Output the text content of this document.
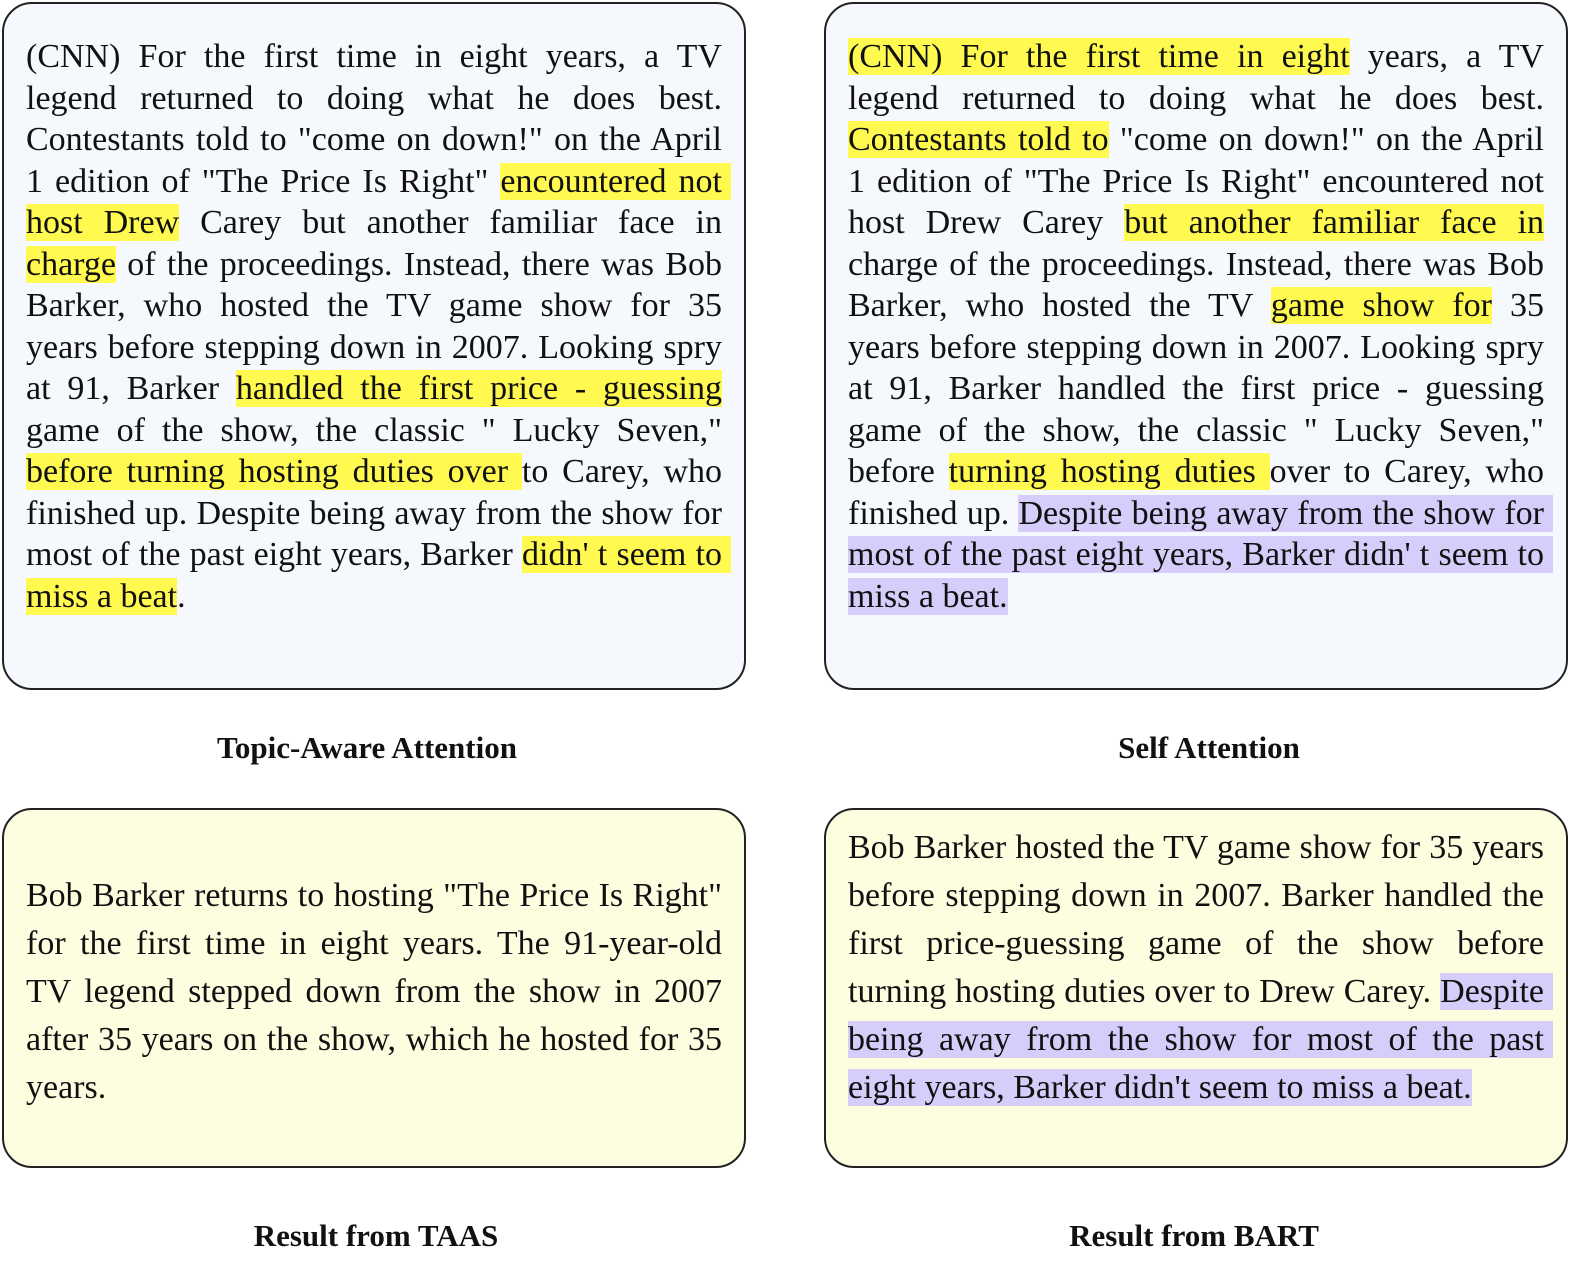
(CNN) For the first time in eight years, a TV legend returned to doing what he does best. Contestants told to "come on down!" on the April 1 edition of "The Price Is Right" encountered not host Drew Carey but another familiar face in charge of the proceedings. Instead, there was Bob Barker, who hosted the TV game show for 35 years before stepping down in 2007. Looking spry at 91, Barker handled the first price - guessing game of the show, the classic " Lucky Seven," before turning hosting duties over to Carey, who finished up. Despite being away from the show for most of the past eight years, Barker didn' t seem to miss a beat.

(CNN) For the first time in eight years, a TV legend returned to doing what he does best. Contestants told to "come on down!" on the April 1 edition of "The Price Is Right" encountered not host Drew Carey but another familiar face in charge of the proceedings. Instead, there was Bob Barker, who hosted the TV game show for 35 years before stepping down in 2007. Looking spry at 91, Barker handled the first price - guessing game of the show, the classic " Lucky Seven," before turning hosting duties over to Carey, who finished up. Despite being away from the show for most of the past eight years, Barker didn' t seem to miss a beat.

Topic-Aware Attention	Self Attention

Bob Barker returns to hosting "The Price Is Right" for the first time in eight years. The 91-year-old TV legend stepped down from the show in 2007 after 35 years on the show, which he hosted for 35 years.

Bob Barker hosted the TV game show for 35 years before stepping down in 2007. Barker handled the first price-guessing game of the show before turning hosting duties over to Drew Carey. Despite being away from the show for most of the past eight years, Barker didn't seem to miss a beat.

Result from TAAS	Result from BART
